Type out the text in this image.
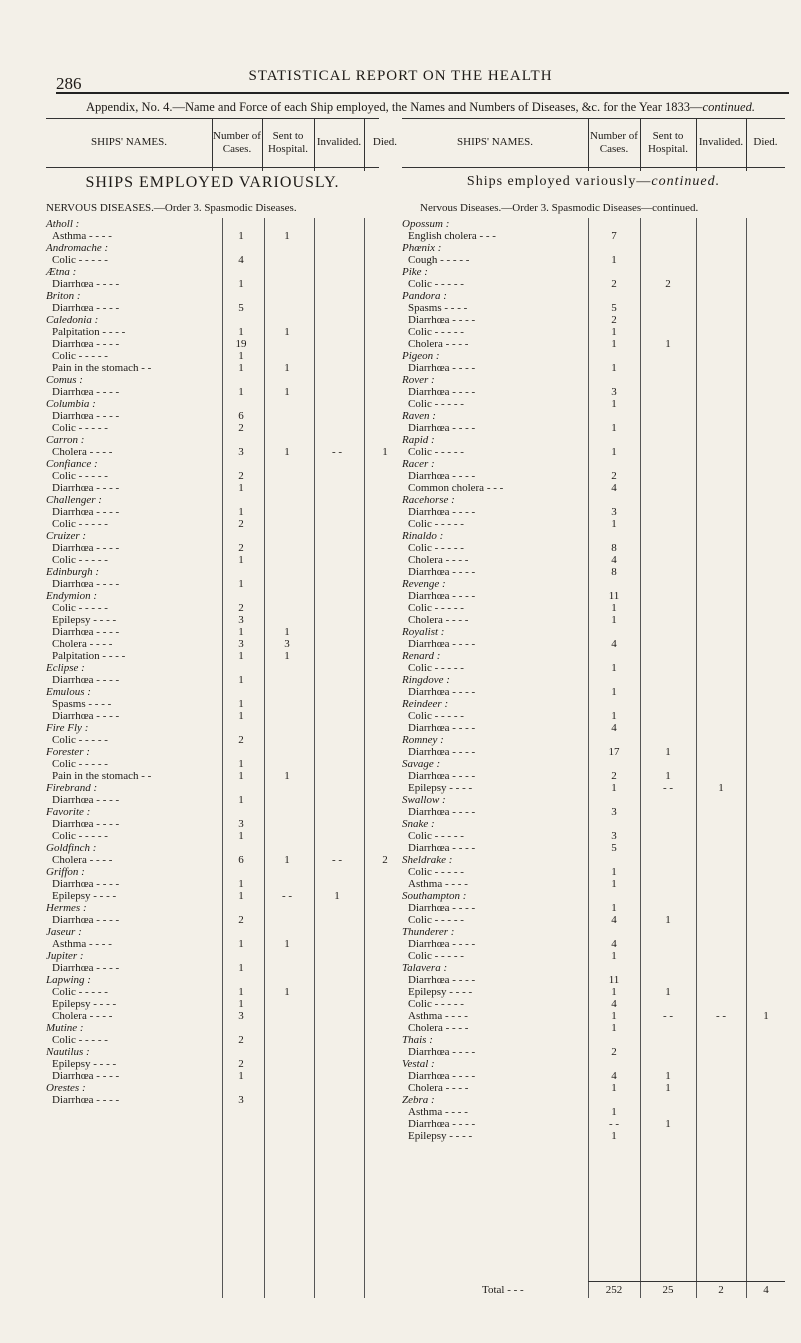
286	STATISTICAL REPORT ON THE HEALTH
Appendix, No. 4.—Name and Force of each Ship employed, the Names and Numbers of Diseases, &c. for the Year 1833—continued.
SHIPS' NAMES.
Number of Cases.
Sent to Hospital.
Invalided.	Died.
SHIPS EMPLOYED VARIOUSLY.
NERVOUS DISEASES.—Order 3. Spasmodic Diseases.
Atholl :
Asthma - - - -	1	1
Andromache :
Colic - - - - -	4
Ætna :
Diarrhœa - - - -	1
Briton :
Diarrhœa - - - -	5
Caledonia :
Palpitation - - - -	1	1
Diarrhœa - - - -	19
Colic - - - - -	1
Pain in the stomach - -	1	1
Comus :
Diarrhœa - - - -	1	1
Columbia :
Diarrhœa - - - -	6
Colic - - - - -	2
Carron :
Cholera - - - -	3	1	- -	1
Confiance :
Colic - - - - -	2
Diarrhœa - - - -	1
Challenger :
Diarrhœa - - - -	1
Colic - - - - -	2
Cruizer :
Diarrhœa - - - -	2
Colic - - - - -	1
Edinburgh :
Diarrhœa - - - -	1
Endymion :
Colic - - - - -	2
Epilepsy - - - -	3
Diarrhœa - - - -	1	1
Cholera - - - -	3	3
Palpitation - - - -	1	1
Eclipse :
Diarrhœa - - - -	1
Emulous :
Spasms - - - -	1
Diarrhœa - - - -	1
Fire Fly :
Colic - - - - -	2
Forester :
Colic - - - - -	1
Pain in the stomach - -	1	1
Firebrand :
Diarrhœa - - - -	1
Favorite :
Diarrhœa - - - -	3
Colic - - - - -	1
Goldfinch :
Cholera - - - -	6	1	- -	2
Griffon :
Diarrhœa - - - -	1
Epilepsy - - - -	1	- -	1
Hermes :
Diarrhœa - - - -	2
Jaseur :
Asthma - - - -	1	1
Jupiter :
Diarrhœa - - - -	1
Lapwing :
Colic - - - - -	1	1
Epilepsy - - - -	1
Cholera - - - -	3
Mutine :
Colic - - - - -	2
Nautilus :
Epilepsy - - - -	2
Diarrhœa - - - -	1
Orestes :
Diarrhœa - - - -	3
SHIPS' NAMES.
Number of Cases.
Sent to Hospital.
Invalided. Died.
Ships employed variously—continued.
Nervous Diseases.—Order 3. Spasmodic Diseases—continued.
Opossum :
English cholera - - -	7
Phœnix :
Cough - - - - -	1
Pike :
Colic - - - - -	2	2
Pandora :
Spasms - - - -	5
Diarrhœa - - - -	2
Colic - - - - -	1
Cholera - - - -	1	1
Pigeon :
Diarrhœa - - - -	1
Rover :
Diarrhœa - - - -	3
Colic - - - - -	1
Raven :
Diarrhœa - - - -	1
Rapid :
Colic - - - - -	1
Racer :
Diarrhœa - - - -	2
Common cholera - - -	4
Racehorse :
Diarrhœa - - - -	3
Colic - - - - -	1
Rinaldo :
Colic - - - - -	8
Cholera - - - -	4
Diarrhœa - - - -	8
Revenge :
Diarrhœa - - - -	11
Colic - - - - -	1
Cholera - - - -	1
Royalist :
Diarrhœa - - - -	4
Renard :
Colic - - - - -	1
Ringdove :
Diarrhœa - - - -	1
Reindeer :
Colic - - - - -	1
Diarrhœa - - - -	4
Romney :
Diarrhœa - - - -	17	1
Savage :
Diarrhœa - - - -	2	1
Epilepsy - - - -	1	- -	1
Swallow :
Diarrhœa - - - -	3
Snake :
Colic - - - - -	3
Diarrhœa - - - -	5
Sheldrake :
Colic - - - - -	1
Asthma - - - -	1
Southampton :
Diarrhœa - - - -	1
Colic - - - - -	4	1
Thunderer :
Diarrhœa - - - -	4
Colic - - - - -	1
Talavera :
Diarrhœa - - - -	11
Epilepsy - - - -	1	1
Colic - - - - -	4
Asthma - - - -	1	- -	- -	1
Cholera - - - -	1
Thais :
Diarrhœa - - - -	2
Vestal :
Diarrhœa - - - -	4	1
Cholera - - - -	1	1
Zebra :
Asthma - - - -	1
Diarrhœa - - - -	- -	1
Epilepsy - - - -	1
Total - - -	252	25	2	4
